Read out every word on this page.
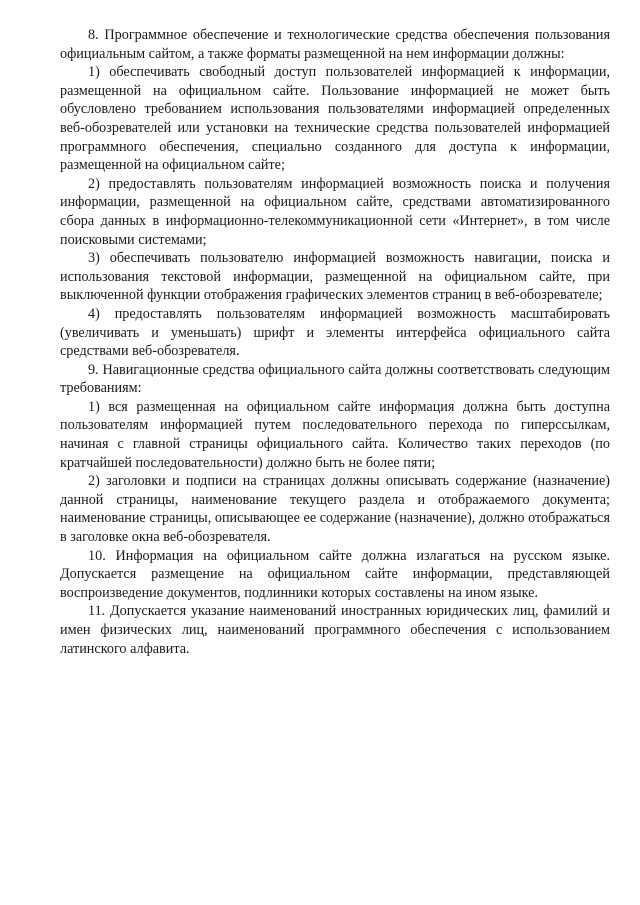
8. Программное обеспечение и технологические средства обеспечения пользования официальным сайтом, а также форматы размещенной на нем информации должны:

1) обеспечивать свободный доступ пользователей информацией к информации, размещенной на официальном сайте. Пользование информацией не может быть обусловлено требованием использования пользователями информацией определенных веб-обозревателей или установки на технические средства пользователей информацией программного обеспечения, специально созданного для доступа к информации, размещенной на официальном сайте;

2) предоставлять пользователям информацией возможность поиска и получения информации, размещенной на официальном сайте, средствами автоматизированного сбора данных в информационно-телекоммуникационной сети «Интернет», в том числе поисковыми системами;

3) обеспечивать пользователю информацией возможность навигации, поиска и использования текстовой информации, размещенной на официальном сайте, при выключенной функции отображения графических элементов страниц в веб-обозревателе;

4) предоставлять пользователям информацией возможность масштабировать (увеличивать и уменьшать) шрифт и элементы интерфейса официального сайта средствами веб-обозревателя.

9. Навигационные средства официального сайта должны соответствовать следующим требованиям:

1) вся размещенная на официальном сайте информация должна быть доступна пользователям информацией путем последовательного перехода по гиперссылкам, начиная с главной страницы официального сайта. Количество таких переходов (по кратчайшей последовательности) должно быть не более пяти;

2) заголовки и подписи на страницах должны описывать содержание (назначение) данной страницы, наименование текущего раздела и отображаемого документа; наименование страницы, описывающее ее содержание (назначение), должно отображаться в заголовке окна веб-обозревателя.

10. Информация на официальном сайте должна излагаться на русском языке. Допускается размещение на официальном сайте информации, представляющей воспроизведение документов, подлинники которых составлены на ином языке.

11. Допускается указание наименований иностранных юридических лиц, фамилий и имен физических лиц, наименований программного обеспечения с использованием латинского алфавита.
